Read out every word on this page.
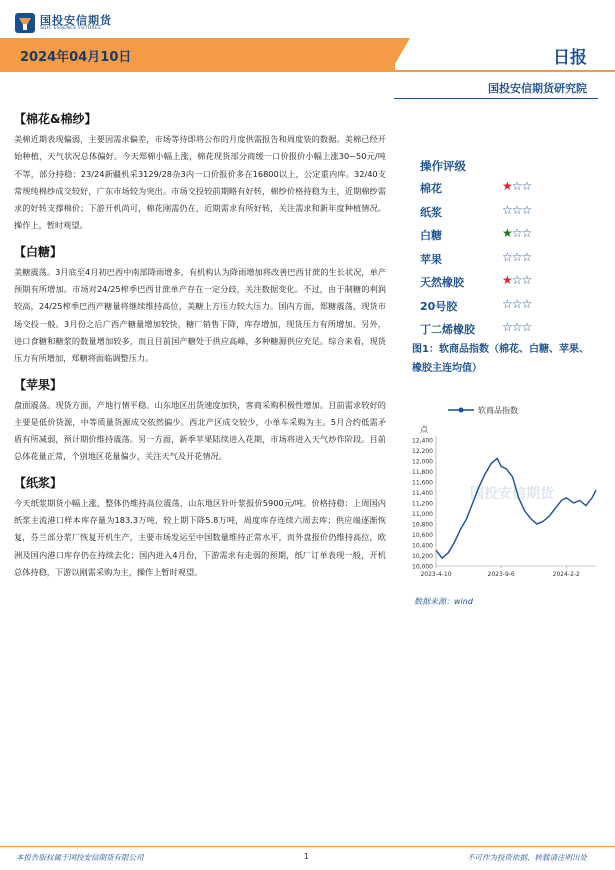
国投安信期货
SDIC ESSENCE FUTURES
2024年04月10日	日报
国投安信期货研究院
【棉花&棉纱】

美棉近期表现偏弱，主要因需求偏差，市场等待即将公布的月度供需报告和周度装的数据。美棉已经开始种植，天气状况总体偏好。今天郑棉小幅上涨，棉花现货部分商缓一口价报价小幅上涨30~50元/吨不等，部分持稳：23/24新疆机采3129/28杂3内一口价报价多在16800以上，公定重内库。32/40支常规纯棉纱成交较好，广东市场较为突出。市场交投较前期略有好转，棉纱价格持稳为主，近期棉纱需求的好转支撑棉价；下游开机尚可，棉花刚需仍在，近期需求有所好转，关注需求和新年度种植情况。操作上，暂时观望。

【白糖】

美糖震荡。3月底至4月初巴西中南部降雨增多，有机构认为降雨增加将改善巴西甘蔗的生长状况，单产预期有所增加。市场对24/25榨季巴西甘蔗单产存在一定分歧，关注数据变化。不过，由于制糖的利润较高，24/25榨季巴西产糖量将继续维持高位，美糖上方压力较大压力。国内方面，郑糖震荡，现货市场交投一般。3月份之后广西产糖量增加较快，糖厂销售下降，库存增加，现货压力有所增加。另外，进口食糖和糖浆的数量增加较多，而且目前国产糖处于供应高峰，多种糖源供应充足。综合来看，现货压力有所增加，郑糖将面临调整压力。

【苹果】

盘面震荡。现货方面，产地行情平稳。山东地区出货速度加快，客商采购积极性增加。目前需求较好的主要是低价货源，中等质量货源成交依然偏少。西北产区成交较少，小单车采购为主。5月合约低需矛盾有所减弱，预计期价维持震荡。另一方面，新季苹果陆续进入花期，市场将进入天气炒作阶段。目前总体花量正常，个别地区花量偏少，关注天气及开花情况。

【纸浆】

今天纸浆期货小幅上涨，整体仍维持高位震荡，山东地区针叶浆报价5900元/吨。价格持稳：上周国内纸浆主流港口样本库存量为183.3万吨，较上期下降5.8万吨，周度库存连续六周去库；供应端逐渐恢复，芬兰部分浆厂恢复开机生产，主要市场发运至中国数量维持正常水平，而外盘报价仍维持高位，欧洲及国内港口库存仍在持续去化；国内进入4月份，下游需求有走弱的预期，纸厂订单表现一般，开机总体持稳，下游以刚需采购为主，操作上暂时观望。

操作评级
棉花	★☆☆
纸浆	☆☆☆
白糖	★☆☆
苹果	☆☆☆
天然橡胶	★☆☆
20号胶	☆☆☆
丁二烯橡胶 ☆☆☆
图1：软商品指数（棉花、白糖、苹果、橡胶主连均值）
软商品指数
点
10,000
10,200
10,400
10,600
10,800
11,000
11,200
11,400
11,600
11,800
12,000
12,200
12,400
2023-4-10	2023-9-6	2024-2-2
国投安信期货
数据来源：wind
本报告版权属于国投安信期货有限公司	1	不可作为投资依据，转载请注明出处
